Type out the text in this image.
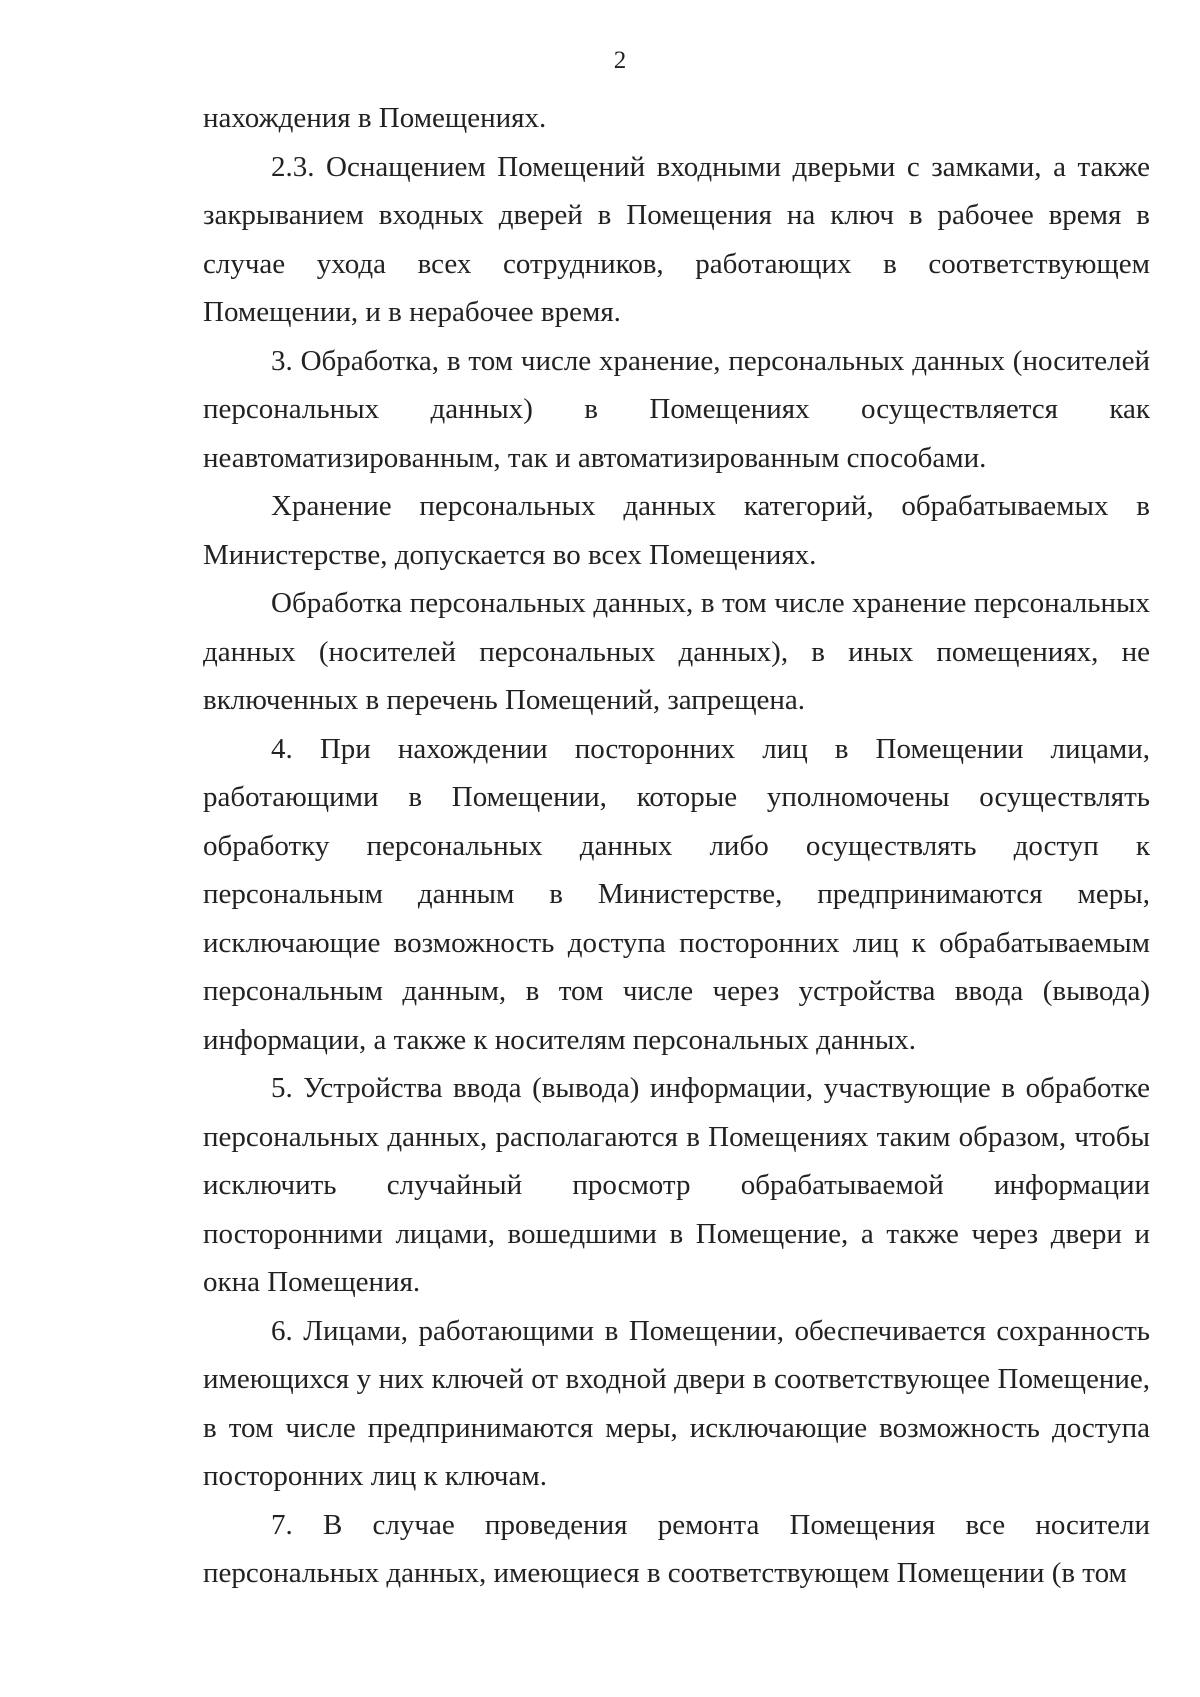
2

нахождения в Помещениях.

2.3. Оснащением Помещений входными дверьми с замками, а также закрыванием входных дверей в Помещения на ключ в рабочее время в случае ухода всех сотрудников, работающих в соответствующем Помещении, и в нерабочее время.

3. Обработка, в том числе хранение, персональных данных (носителей персональных данных) в Помещениях осуществляется как неавтоматизированным, так и автоматизированным способами.

Хранение персональных данных категорий, обрабатываемых в Министерстве, допускается во всех Помещениях.

Обработка персональных данных, в том числе хранение персональных данных (носителей персональных данных), в иных помещениях, не включенных в перечень Помещений, запрещена.

4. При нахождении посторонних лиц в Помещении лицами, работающими в Помещении, которые уполномочены осуществлять обработку персональных данных либо осуществлять доступ к персональным данным в Министерстве, предпринимаются меры, исключающие возможность доступа посторонних лиц к обрабатываемым персональным данным, в том числе через устройства ввода (вывода) информации, а также к носителям персональных данных.

5. Устройства ввода (вывода) информации, участвующие в обработке персональных данных, располагаются в Помещениях таким образом, чтобы исключить случайный просмотр обрабатываемой информации посторонними лицами, вошедшими в Помещение, а также через двери и окна Помещения.

6. Лицами, работающими в Помещении, обеспечивается сохранность имеющихся у них ключей от входной двери в соответствующее Помещение, в том числе предпринимаются меры, исключающие возможность доступа посторонних лиц к ключам.

7. В случае проведения ремонта Помещения все носители персональных данных, имеющиеся в соответствующем Помещении (в том
